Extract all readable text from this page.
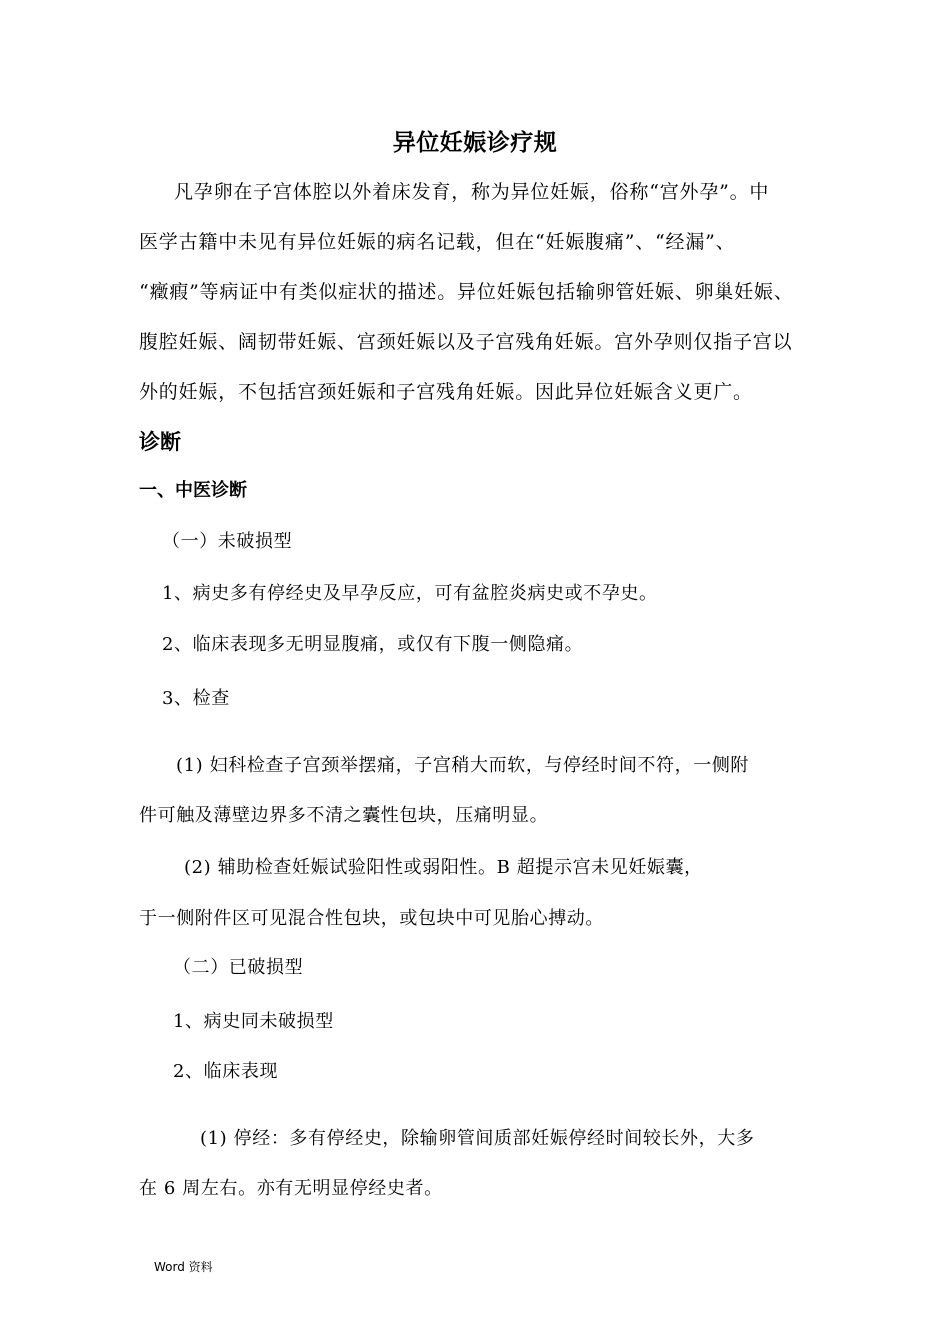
异位妊娠诊疗规

凡孕卵在子宫体腔以外着床发育，称为异位妊娠，俗称“宫外孕”。中

医学古籍中未见有异位妊娠的病名记载，但在“妊娠腹痛”、“经漏”、

“癥瘕”等病证中有类似症状的描述。异位妊娠包括输卵管妊娠、卵巢妊娠、

腹腔妊娠、阔韧带妊娠、宫颈妊娠以及子宫残角妊娠。宫外孕则仅指子宫以

外的妊娠，不包括宫颈妊娠和子宫残角妊娠。因此异位妊娠含义更广。

诊断
一、中医诊断

（一）未破损型

1、病史多有停经史及早孕反应，可有盆腔炎病史或不孕史。

2、临床表现多无明显腹痛，或仅有下腹一侧隐痛。

3、检查

(1) 妇科检查子宫颈举摆痛，子宫稍大而软，与停经时间不符，一侧附

件可触及薄壁边界多不清之囊性包块，压痛明显。

(2) 辅助检查妊娠试验阳性或弱阳性。B 超提示宫未见妊娠囊，

于一侧附件区可见混合性包块，或包块中可见胎心搏动。

（二）已破损型

1、病史同未破损型

2、临床表现

(1) 停经：多有停经史，除输卵管间质部妊娠停经时间较长外，大多

在 6 周左右。亦有无明显停经史者。

Word 资料
